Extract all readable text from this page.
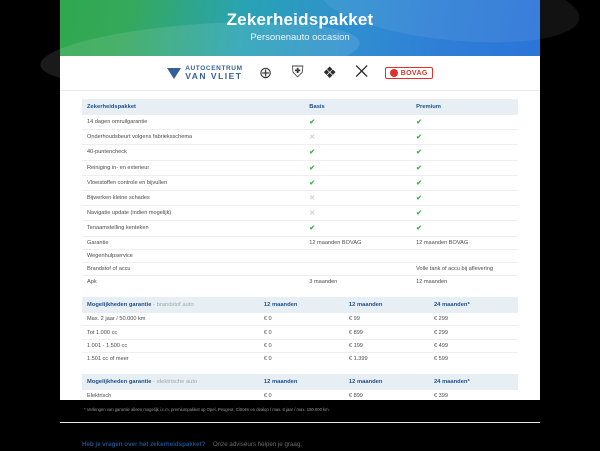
Zekerheidspakket
Personenauto occasion
AUTOCENTRUM
VAN VLIET ⊕ ⛨ ❖ ⨉	BOVAG
Zekerheidspakket	Basis	Premium
14 dagen omruilgarantie	✔	✔
Onderhoudsbeurt volgens fabrieksschema	✕	✔
40-puntencheck	✔	✔
Reiniging in- en exterieur	✔	✔
Vloeistoffen controle en bijvullen	✔	✔
Bijwerken kleine schades	✕	✔
Navigatie update (indien mogelijk)	✕	✔
Tenaamstelling kenteken	✔	✔
Garantie	12 maanden BOVAG	12 maanden BOVAG
Wegenhulpservice		
Brandstof of accu		Volle tank of accu bij aflevering
Apk	3 maanden	12 maanden
Mogelijkheden garantie - brandstof auto	12 maanden	12 maanden	24 maanden*
Max. 2 jaar / 50.000 km	€ 0	€ 99	€ 299
Tot 1.000 cc	€ 0	€ 899	€ 299
1.001 - 1.500 cc	€ 0	€ 199	€ 499
1.501 cc of meer	€ 0	€ 1.399	€ 599
Mogelijkheden garantie - elektrische auto	12 maanden	12 maanden	24 maanden*
Elektrisch	€ 0	€ 899	€ 399
* Verlengen van garantie alleen mogelijk i.c.m. premiumpakket op Opel, Peugeot, Citroën en dealqo / max. 8 jaar / max. 150.000 km.
Heb je vragen over het zekerheidspakket? Onze adviseurs helpen je graag.
